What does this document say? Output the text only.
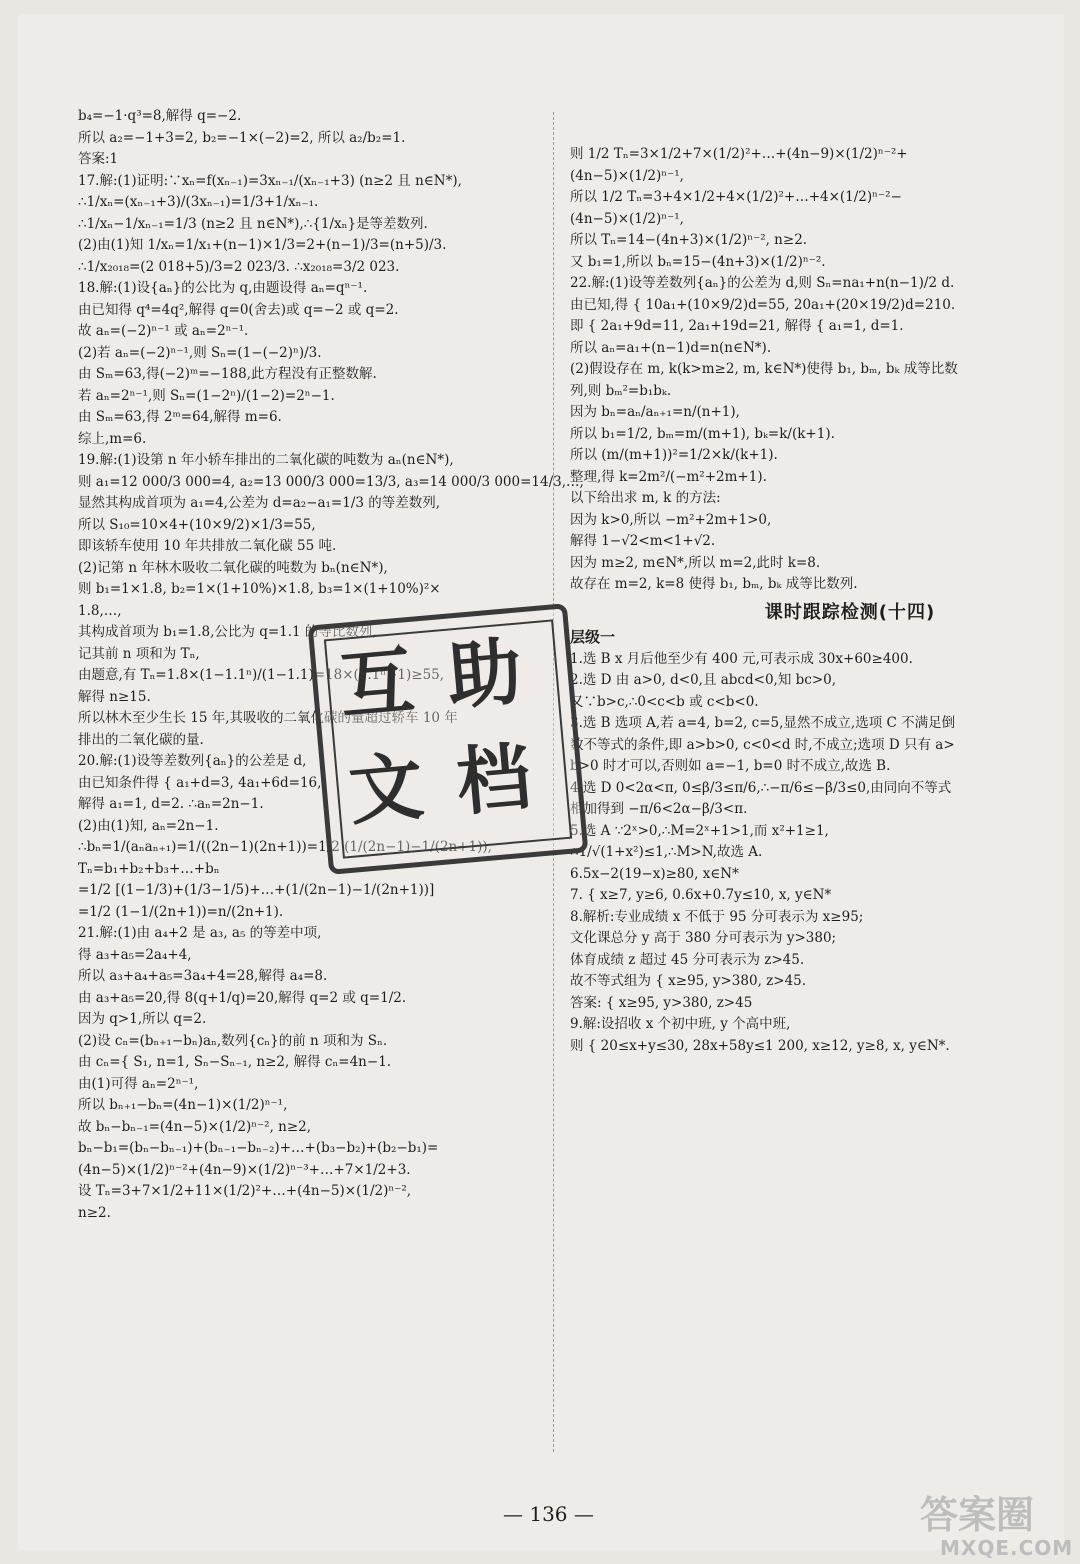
b₄=−1·q³=8,解得 q=−2.
所以 a₂=−1+3=2, b₂=−1×(−2)=2, 所以 a₂/b₂=1.
答案:1
17.解:(1)证明:∵xₙ=f(xₙ₋₁)=3xₙ₋₁/(xₙ₋₁+3) (n≥2 且 n∈N*),
∴1/xₙ=(xₙ₋₁+3)/(3xₙ₋₁)=1/3+1/xₙ₋₁.
∴1/xₙ−1/xₙ₋₁=1/3 (n≥2 且 n∈N*),∴{1/xₙ}是等差数列.
(2)由(1)知 1/xₙ=1/x₁+(n−1)×1/3=2+(n−1)/3=(n+5)/3.
∴1/x₂₀₁₈=(2 018+5)/3=2 023/3. ∴x₂₀₁₈=3/2 023.
18.解:(1)设{aₙ}的公比为 q,由题设得 aₙ=qⁿ⁻¹.
由已知得 q⁴=4q²,解得 q=0(舍去)或 q=−2 或 q=2.
故 aₙ=(−2)ⁿ⁻¹ 或 aₙ=2ⁿ⁻¹.
(2)若 aₙ=(−2)ⁿ⁻¹,则 Sₙ=(1−(−2)ⁿ)/3.
由 Sₘ=63,得(−2)ᵐ=−188,此方程没有正整数解.
若 aₙ=2ⁿ⁻¹,则 Sₙ=(1−2ⁿ)/(1−2)=2ⁿ−1.
由 Sₘ=63,得 2ᵐ=64,解得 m=6.
综上,m=6.
19.解:(1)设第 n 年小轿车排出的二氧化碳的吨数为 aₙ(n∈N*),
则 a₁=12 000/3 000=4, a₂=13 000/3 000=13/3, a₃=14 000/3 000=14/3,…,
显然其构成首项为 a₁=4,公差为 d=a₂−a₁=1/3 的等差数列,
所以 S₁₀=10×4+(10×9/2)×1/3=55,
即该轿车使用 10 年共排放二氧化碳 55 吨.
(2)记第 n 年林木吸收二氧化碳的吨数为 bₙ(n∈N*),
则 b₁=1×1.8, b₂=1×(1+10%)×1.8, b₃=1×(1+10%)²×
1.8,…,
其构成首项为 b₁=1.8,公比为 q=1.1 的等比数列,
记其前 n 项和为 Tₙ,
由题意,有 Tₙ=1.8×(1−1.1ⁿ)/(1−1.1)=18×(1.1ⁿ−1)≥55,
解得 n≥15.
所以林木至少生长 15 年,其吸收的二氧化碳的量超过轿车 10 年
排出的二氧化碳的量.
20.解:(1)设等差数列{aₙ}的公差是 d,
由已知条件得 { a₁+d=3, 4a₁+6d=16,
解得 a₁=1, d=2. ∴aₙ=2n−1.
(2)由(1)知, aₙ=2n−1.
∴bₙ=1/(aₙaₙ₊₁)=1/((2n−1)(2n+1))=1/2 (1/(2n−1)−1/(2n+1)),
Tₙ=b₁+b₂+b₃+…+bₙ
=1/2 [(1−1/3)+(1/3−1/5)+…+(1/(2n−1)−1/(2n+1))]
=1/2 (1−1/(2n+1))=n/(2n+1).
21.解:(1)由 a₄+2 是 a₃, a₅ 的等差中项,
得 a₃+a₅=2a₄+4,
所以 a₃+a₄+a₅=3a₄+4=28,解得 a₄=8.
由 a₃+a₅=20,得 8(q+1/q)=20,解得 q=2 或 q=1/2.
因为 q>1,所以 q=2.
(2)设 cₙ=(bₙ₊₁−bₙ)aₙ,数列{cₙ}的前 n 项和为 Sₙ.
由 cₙ={ S₁, n=1, Sₙ−Sₙ₋₁, n≥2, 解得 cₙ=4n−1.
由(1)可得 aₙ=2ⁿ⁻¹,
所以 bₙ₊₁−bₙ=(4n−1)×(1/2)ⁿ⁻¹,
故 bₙ−bₙ₋₁=(4n−5)×(1/2)ⁿ⁻², n≥2,
bₙ−b₁=(bₙ−bₙ₋₁)+(bₙ₋₁−bₙ₋₂)+…+(b₃−b₂)+(b₂−b₁)=
(4n−5)×(1/2)ⁿ⁻²+(4n−9)×(1/2)ⁿ⁻³+…+7×1/2+3.
设 Tₙ=3+7×1/2+11×(1/2)²+…+(4n−5)×(1/2)ⁿ⁻²,
n≥2.
则 1/2 Tₙ=3×1/2+7×(1/2)²+…+(4n−9)×(1/2)ⁿ⁻²+
(4n−5)×(1/2)ⁿ⁻¹,
所以 1/2 Tₙ=3+4×1/2+4×(1/2)²+…+4×(1/2)ⁿ⁻²−
(4n−5)×(1/2)ⁿ⁻¹,
所以 Tₙ=14−(4n+3)×(1/2)ⁿ⁻², n≥2.
又 b₁=1,所以 bₙ=15−(4n+3)×(1/2)ⁿ⁻².
22.解:(1)设等差数列{aₙ}的公差为 d,则 Sₙ=na₁+n(n−1)/2 d.
由已知,得 { 10a₁+(10×9/2)d=55, 20a₁+(20×19/2)d=210.
即 { 2a₁+9d=11, 2a₁+19d=21, 解得 { a₁=1, d=1.
所以 aₙ=a₁+(n−1)d=n(n∈N*).
(2)假设存在 m, k(k>m≥2, m, k∈N*)使得 b₁, bₘ, bₖ 成等比数
列,则 bₘ²=b₁bₖ.
因为 bₙ=aₙ/aₙ₊₁=n/(n+1),
所以 b₁=1/2, bₘ=m/(m+1), bₖ=k/(k+1).
所以 (m/(m+1))²=1/2×k/(k+1).
整理,得 k=2m²/(−m²+2m+1).
以下给出求 m, k 的方法:
因为 k>0,所以 −m²+2m+1>0,
解得 1−√2<m<1+√2.
因为 m≥2, m∈N*,所以 m=2,此时 k=8.
故存在 m=2, k=8 使得 b₁, bₘ, bₖ 成等比数列.
课时跟踪检测(十四)
层级一
1.选 B x 月后他至少有 400 元,可表示成 30x+60≥400.
2.选 D 由 a>0, d<0,且 abcd<0,知 bc>0,
又∵b>c,∴0<c<b 或 c<b<0.
3.选 B 选项 A,若 a=4, b=2, c=5,显然不成立,选项 C 不满足倒
数不等式的条件,即 a>b>0, c<0<d 时,不成立;选项 D 只有 a>
b>0 时才可以,否则如 a=−1, b=0 时不成立,故选 B.
4.选 D 0<2α<π, 0≤β/3≤π/6,∴−π/6≤−β/3≤0,由同向不等式
相加得到 −π/6<2α−β/3<π.
5.选 A ∵2ˣ>0,∴M=2ˣ+1>1,而 x²+1≥1,
∴1/√(1+x²)≤1,∴M>N,故选 A.
6.5x−2(19−x)≥80, x∈N*
7. { x≥7, y≥6, 0.6x+0.7y≤10, x, y∈N*
8.解析:专业成绩 x 不低于 95 分可表示为 x≥95;
文化课总分 y 高于 380 分可表示为 y>380;
体育成绩 z 超过 45 分可表示为 z>45.
故不等式组为 { x≥95, y>380, z>45.
答案: { x≥95, y>380, z>45
9.解:设招收 x 个初中班, y 个高中班,
则 { 20≤x+y≤30, 28x+58y≤1 200, x≥12, y≥8, x, y∈N*.
— 136 —
互 助
文 档
答案圈
MXQE.COM
